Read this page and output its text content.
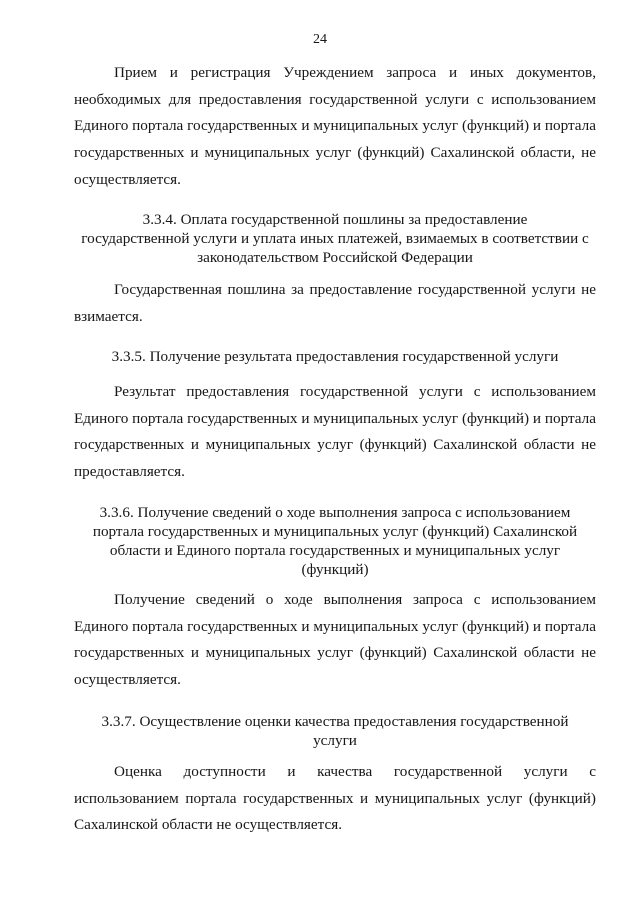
24

Прием и регистрация Учреждением запроса и иных документов, необходимых для предоставления государственной услуги с использованием Единого портала государственных и муниципальных услуг (функций) и портала государственных и муниципальных услуг (функций) Сахалинской области, не осуществляется.

3.3.4. Оплата государственной пошлины за предоставление
государственной услуги и уплата иных платежей, взимаемых в соответствии с
законодательством Российской Федерации

Государственная пошлина за предоставление государственной услуги не взимается.

3.3.5. Получение результата предоставления государственной услуги

Результат предоставления государственной услуги с использованием Единого портала государственных и муниципальных услуг (функций) и портала государственных и муниципальных услуг (функций) Сахалинской области не предоставляется.

3.3.6. Получение сведений о ходе выполнения запроса с использованием
портала государственных и муниципальных услуг (функций) Сахалинской
области и Единого портала государственных и муниципальных услуг
(функций)

Получение сведений о ходе выполнения запроса с использованием Единого портала государственных и муниципальных услуг (функций) и портала государственных и муниципальных услуг (функций) Сахалинской области не осуществляется.

3.3.7. Осуществление оценки качества предоставления государственной
услуги

Оценка доступности и качества государственной услуги с использованием портала государственных и муниципальных услуг (функций) Сахалинской области не осуществляется.
